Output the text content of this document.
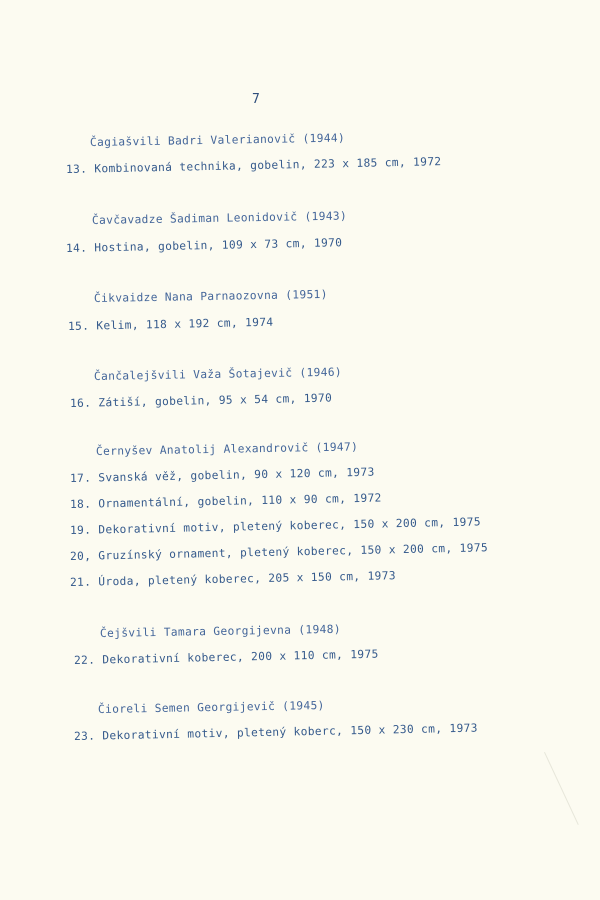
7
Čagiašvili Badri Valerianovič (1944)
13. Kombinovaná technika, gobelin, 223 x 185 cm, 1972
Čavčavadze Šadiman Leonidovič (1943)
14. Hostina, gobelin, 109 x 73 cm, 1970
Čikvaidze Nana Parnaozovna (1951)
15. Kelim, 118 x 192 cm, 1974
Čančalejšvili Važa Šotajevič (1946)
16. Zátiší, gobelin, 95 x 54 cm, 1970
Černyšev Anatolij Alexandrovič (1947)
17. Svanská věž, gobelin, 90 x 120 cm, 1973
18. Ornamentální, gobelin, 110 x 90 cm, 1972
19. Dekorativní motiv, pletený koberec, 150 x 200 cm, 1975
20, Gruzínský ornament, pletený koberec, 150 x 200 cm, 1975
21. Úroda, pletený koberec, 205 x 150 cm, 1973
Čejšvili Tamara Georgijevna (1948)
22. Dekorativní koberec, 200 x 110 cm, 1975
Čioreli Semen Georgijevič (1945)
23. Dekorativní motiv, pletený koberc, 150 x 230 cm, 1973
